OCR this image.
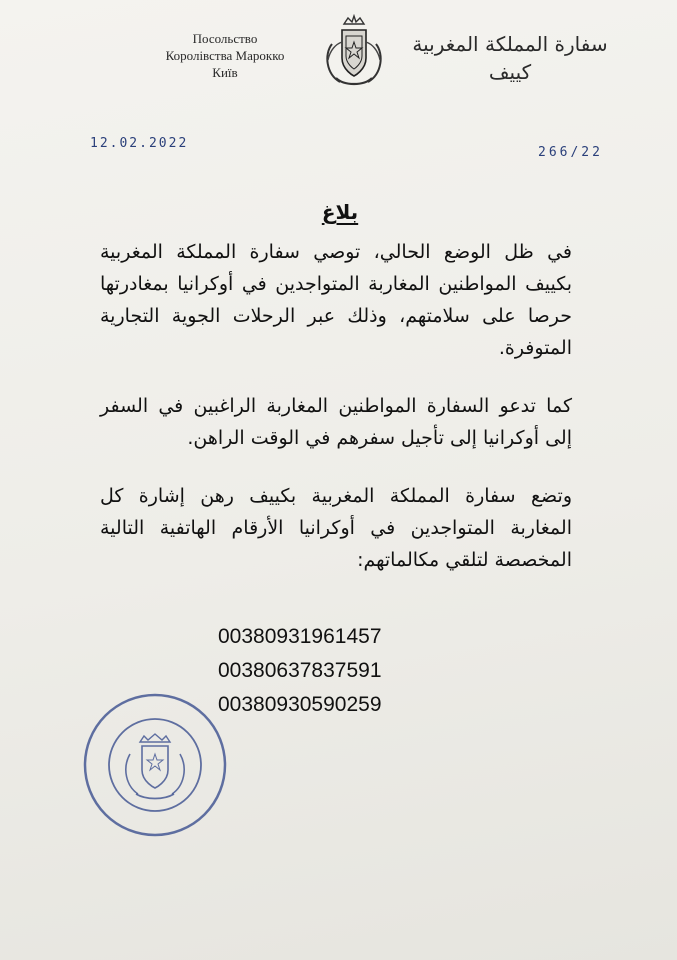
Посольство
Королівства Марокко
Київ
سفارة المملكة المغربية
كييف
12.02.2022
266/22
بلاغ

في ظل الوضع الحالي، توصي سفارة المملكة المغربية بكييف المواطنين المغاربة المتواجدين في أوكرانيا بمغادرتها حرصا على سلامتهم، وذلك عبر الرحلات الجوية التجارية المتوفرة.

كما تدعو السفارة المواطنين المغاربة الراغبين في السفر إلى أوكرانيا إلى تأجيل سفرهم في الوقت الراهن.

وتضع سفارة المملكة المغربية بكييف رهن إشارة كل المغاربة المتواجدين في أوكرانيا الأرقام الهاتفية التالية المخصصة لتلقي مكالماتهم:

00380931961457
00380637837591
00380930590259
